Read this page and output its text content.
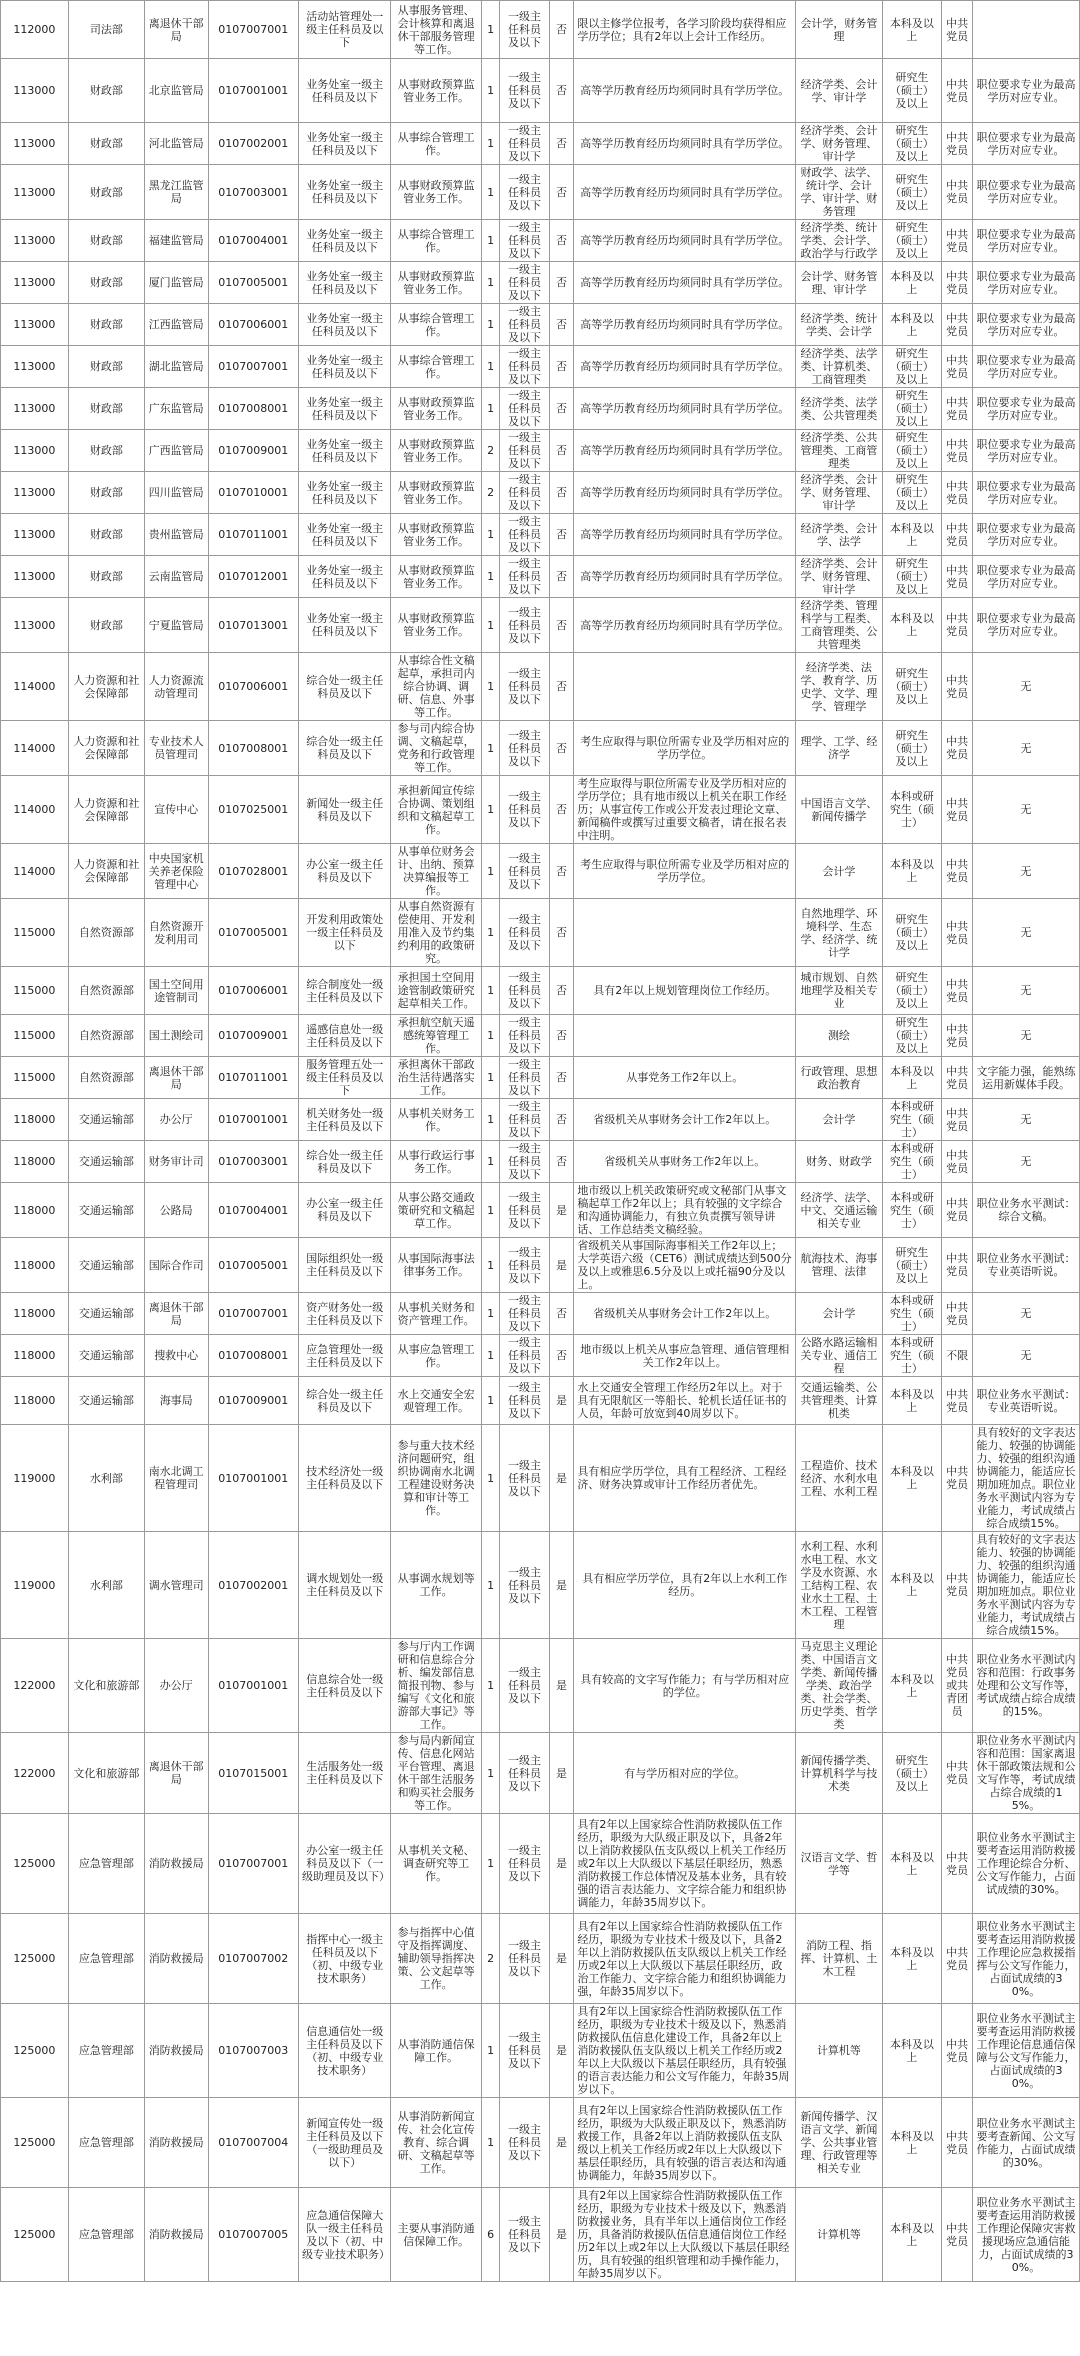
112000	司法部	离退休干部局	0107007001	活动站管理处一级主任科员及以下	从事服务管理、会计核算和离退休干部服务管理等工作。	1	一级主任科员及以下	否	限以主修学位报考，各学习阶段均获得相应学历学位；具有2年以上会计工作经历。	会计学，财务管理	本科及以上	中共党员	
113000	财政部	北京监管局	0107001001	业务处室一级主任科员及以下	从事财政预算监管业务工作。	1	一级主任科员及以下	否	高等学历教育经历均须同时具有学历学位。	经济学类、会计学、审计学	研究生（硕士）及以上	中共党员	职位要求专业为最高学历对应专业。
113000	财政部	河北监管局	0107002001	业务处室一级主任科员及以下	从事综合管理工作。	1	一级主任科员及以下	否	高等学历教育经历均须同时具有学历学位。	经济学类、会计学、财务管理、审计学	研究生（硕士）及以上	中共党员	职位要求专业为最高学历对应专业。
113000	财政部	黑龙江监管局	0107003001	业务处室一级主任科员及以下	从事财政预算监管业务工作。	1	一级主任科员及以下	否	高等学历教育经历均须同时具有学历学位。	财政学、法学、统计学、会计学、审计学、财务管理	研究生（硕士）及以上	中共党员	职位要求专业为最高学历对应专业。
113000	财政部	福建监管局	0107004001	业务处室一级主任科员及以下	从事综合管理工作。	1	一级主任科员及以下	否	高等学历教育经历均须同时具有学历学位。	经济学类、统计学类、会计学、政治学与行政学	研究生（硕士）及以上	中共党员	职位要求专业为最高学历对应专业。
113000	财政部	厦门监管局	0107005001	业务处室一级主任科员及以下	从事财政预算监管业务工作。	1	一级主任科员及以下	否	高等学历教育经历均须同时具有学历学位。	会计学、财务管理、审计学	本科及以上	中共党员	职位要求专业为最高学历对应专业。
113000	财政部	江西监管局	0107006001	业务处室一级主任科员及以下	从事综合管理工作。	1	一级主任科员及以下	否	高等学历教育经历均须同时具有学历学位。	经济学类、统计学类、会计学	本科及以上	中共党员	职位要求专业为最高学历对应专业。
113000	财政部	湖北监管局	0107007001	业务处室一级主任科员及以下	从事综合管理工作。	1	一级主任科员及以下	否	高等学历教育经历均须同时具有学历学位。	经济学类、法学类、计算机类、工商管理类	研究生（硕士）及以上	中共党员	职位要求专业为最高学历对应专业。
113000	财政部	广东监管局	0107008001	业务处室一级主任科员及以下	从事财政预算监管业务工作。	1	一级主任科员及以下	否	高等学历教育经历均须同时具有学历学位。	经济学类、法学类、公共管理类	研究生（硕士）及以上	中共党员	职位要求专业为最高学历对应专业。
113000	财政部	广西监管局	0107009001	业务处室一级主任科员及以下	从事财政预算监管业务工作。	2	一级主任科员及以下	否	高等学历教育经历均须同时具有学历学位。	经济学类、公共管理类、工商管理类	研究生（硕士）及以上	中共党员	职位要求专业为最高学历对应专业。
113000	财政部	四川监管局	0107010001	业务处室一级主任科员及以下	从事财政预算监管业务工作。	2	一级主任科员及以下	否	高等学历教育经历均须同时具有学历学位。	经济学类、会计学、财务管理、审计学	研究生（硕士）及以上	中共党员	职位要求专业为最高学历对应专业。
113000	财政部	贵州监管局	0107011001	业务处室一级主任科员及以下	从事财政预算监管业务工作。	1	一级主任科员及以下	否	高等学历教育经历均须同时具有学历学位。	经济学类、会计学、法学	本科及以上	中共党员	职位要求专业为最高学历对应专业。
113000	财政部	云南监管局	0107012001	业务处室一级主任科员及以下	从事财政预算监管业务工作。	1	一级主任科员及以下	否	高等学历教育经历均须同时具有学历学位。	经济学类、会计学、财务管理、审计学	研究生（硕士）及以上	中共党员	职位要求专业为最高学历对应专业。
113000	财政部	宁夏监管局	0107013001	业务处室一级主任科员及以下	从事财政预算监管业务工作。	1	一级主任科员及以下	否	高等学历教育经历均须同时具有学历学位。	经济学类、管理科学与工程类、工商管理类、公共管理类	本科及以上	中共党员	职位要求专业为最高学历对应专业。
114000	人力资源和社会保障部	人力资源流动管理司	0107006001	综合处一级主任科员及以下	从事综合性文稿起草，承担司内综合协调、调研、信息、外事等工作。	1	一级主任科员及以下	否		经济学类、法学、教育学、历史学、文学、理学、管理学	研究生（硕士）及以上	中共党员	无
114000	人力资源和社会保障部	专业技术人员管理司	0107008001	综合处一级主任科员及以下	参与司内综合协调、文稿起草，党务和行政管理等工作。	1	一级主任科员及以下	否	考生应取得与职位所需专业及学历相对应的学历学位。	理学、工学、经济学	研究生（硕士）及以上	中共党员	无
114000	人力资源和社会保障部	宣传中心	0107025001	新闻处一级主任科员及以下	承担新闻宣传综合协调、策划组织和文稿起草工作。	1	一级主任科员及以下	否	考生应取得与职位所需专业及学历相对应的学历学位；具有地市级以上机关在职工作经历；从事宣传工作或公开发表过理论文章、新闻稿件或撰写过重要文稿者，请在报名表中注明。	中国语言文学、新闻传播学	本科或研究生（硕士）	中共党员	无
114000	人力资源和社会保障部	中央国家机关养老保险管理中心	0107028001	办公室一级主任科员及以下	从事单位财务会计、出纳、预算决算编报等工作。	1	一级主任科员及以下	否	考生应取得与职位所需专业及学历相对应的学历学位。	会计学	本科及以上	中共党员	无
115000	自然资源部	自然资源开发利用司	0107005001	开发利用政策处一级主任科员及以下	从事自然资源有偿使用、开发利用准入及节约集约利用的政策研究。	1	一级主任科员及以下	否		自然地理学、环境科学、生态学、经济学、统计学	研究生（硕士）及以上	中共党员	无
115000	自然资源部	国土空间用途管制司	0107006001	综合制度处一级主任科员及以下	承担国土空间用途管制政策研究起草相关工作。	1	一级主任科员及以下	否	具有2年以上规划管理岗位工作经历。	城市规划、自然地理学及相关专业	研究生（硕士）及以上	中共党员	无
115000	自然资源部	国土测绘司	0107009001	遥感信息处一级主任科员及以下	承担航空航天遥感统筹管理工作。	1	一级主任科员及以下	否		测绘	研究生（硕士）及以上	中共党员	无
115000	自然资源部	离退休干部局	0107011001	服务管理五处一级主任科员及以下	承担离休干部政治生活待遇落实工作。	1	一级主任科员及以下	否	从事党务工作2年以上。	行政管理、思想政治教育	本科及以上	中共党员	文字能力强，能熟练运用新媒体手段。
118000	交通运输部	办公厅	0107001001	机关财务处一级主任科员及以下	从事机关财务工作。	1	一级主任科员及以下	否	省级机关从事财务会计工作2年以上。	会计学	本科或研究生（硕士）	中共党员	无
118000	交通运输部	财务审计司	0107003001	综合处一级主任科员及以下	从事行政运行事务工作。	1	一级主任科员及以下	否	省级机关从事财务工作2年以上。	财务、财政学	本科或研究生（硕士）	中共党员	无
118000	交通运输部	公路局	0107004001	办公室一级主任科员及以下	从事公路交通政策研究和文稿起草工作。	1	一级主任科员及以下	是	地市级以上机关政策研究或文秘部门从事文稿起草工作2年以上；具有较强的文字综合和沟通协调能力，有独立负责撰写领导讲话、工作总结类文稿经验。	经济学、法学、中文、交通运输相关专业	本科或研究生（硕士）	中共党员	职位业务水平测试：综合文稿。
118000	交通运输部	国际合作司	0107005001	国际组织处一级主任科员及以下	从事国际海事法律事务工作。	1	一级主任科员及以下	是	省级机关从事国际海事相关工作2年以上；大学英语六级（CET6）测试成绩达到500分及以上或雅思6.5分及以上或托福90分及以上。	航海技术、海事管理、法律	研究生（硕士）及以上	中共党员	职位业务水平测试：专业英语听说。
118000	交通运输部	离退休干部局	0107007001	资产财务处一级主任科员及以下	从事机关财务和资产管理工作。	1	一级主任科员及以下	否	省级机关从事财务会计工作2年以上。	会计学	本科或研究生（硕士）	中共党员	无
118000	交通运输部	搜救中心	0107008001	应急管理处一级主任科员及以下	从事应急管理工作。	1	一级主任科员及以下	否	地市级以上机关从事应急管理、通信管理相关工作2年以上。	公路水路运输相关专业、通信工程	本科或研究生（硕士）	不限	无
118000	交通运输部	海事局	0107009001	综合处一级主任科员及以下	水上交通安全宏观管理工作。	1	一级主任科员及以下	是	水上交通安全管理工作经历2年以上。对于具有无限航区一等船长、轮机长适任证书的人员，年龄可放宽到40周岁以下。	交通运输类、公共管理类、计算机类	本科及以上	中共党员	职位业务水平测试：专业英语听说。
119000	水利部	南水北调工程管理司	0107001001	技术经济处一级主任科员及以下	参与重大技术经济问题研究，组织协调南水北调工程建设财务决算和审计等工作。	1	一级主任科员及以下	是	具有相应学历学位，具有工程经济、工程经济、财务决算或审计工作经历者优先。	工程造价、技术经济、水利水电工程、水利工程	本科及以上	中共党员	具有较好的文字表达能力、较强的协调能力、较强的组织沟通协调能力，能适应长期加班加点。职位业务水平测试内容为专业能力，考试成绩占综合成绩15%。
119000	水利部	调水管理司	0107002001	调水规划处一级主任科员及以下	从事调水规划等工作。	1	一级主任科员及以下	是	具有相应学历学位，具有2年以上水利工作经历。	水利工程、水利水电工程、水文学及水资源、水工结构工程、农业水土工程、土木工程、工程管理	本科及以上	中共党员	具有较好的文字表达能力、较强的协调能力、较强的组织沟通协调能力，能适应长期加班加点。职位业务水平测试内容为专业能力，考试成绩占综合成绩15%。
122000	文化和旅游部	办公厅	0107001001	信息综合处一级主任科员及以下	参与厅内工作调研和信息综合分析、编发部信息简报刊物、参与编写《文化和旅游部大事记》等工作。	1	一级主任科员及以下	是	具有较高的文字写作能力；有与学历相对应的学位。	马克思主义理论类、中国语言文学类、新闻传播学类、政治学类、社会学类、历史学类、哲学类	本科及以上	中共党员或共青团员	职位业务水平测试内容和范围：行政事务处理和公文写作等，考试成绩占综合成绩的15%。
122000	文化和旅游部	离退休干部局	0107015001	生活服务处一级主任科员及以下	参与局内新闻宣传、信息化网站平台管理、离退休干部生活服务和购买社会服务等工作。	1	一级主任科员及以下	是	有与学历相对应的学位。	新闻传播学类、计算机科学与技术类	研究生（硕士）及以上	中共党员	职位业务水平测试内容和范围：国家离退休干部政策法规和公文写作等，考试成绩占综合成绩的15%。
125000	应急管理部	消防救援局	0107007001	办公室一级主任科员及以下（一级助理员及以下）	从事机关文秘、调查研究等工作。	1	一级主任科员及以下	是	具有2年以上国家综合性消防救援队伍工作经历，职级为大队级正职及以下，具备2年以上消防救援队伍支队级以上机关工作经历或2年以上大队级以下基层任职经历，熟悉消防救援工作总体情况及基本业务，具有较强的语言表达能力、文字综合能力和组织协调能力，年龄35周岁以下。	汉语言文学、哲学等	本科及以上	中共党员	职位业务水平测试主要考查运用消防救援工作理论综合分析、公文写作能力，占面试成绩的30%。
125000	应急管理部	消防救援局	0107007002	指挥中心一级主任科员及以下（初、中级专业技术职务）	参与指挥中心值守及指挥调度、辅助领导指挥决策、公文起草等工作。	2	一级主任科员及以下	是	具有2年以上国家综合性消防救援队伍工作经历，职级为专业技术十级及以下，具备2年以上消防救援队伍支队级以上机关工作经历或2年以上大队级以下基层任职经历，政治工作能力、文字综合能力和组织协调能力强，年龄35周岁以下。	消防工程、指挥、计算机、土木工程	本科及以上	中共党员	职位业务水平测试主要考查运用消防救援工作理论应急救援指挥与公文写作能力，占面试成绩的30%。
125000	应急管理部	消防救援局	0107007003	信息通信处一级主任科员及以下（初、中级专业技术职务）	从事消防通信保障工作。	1	一级主任科员及以下	是	具有2年以上国家综合性消防救援队伍工作经历，职级为专业技术十级及以下，熟悉消防救援队伍信息化建设工作，具备2年以上消防救援队伍支队级以上机关工作经历或2年以上大队级以下基层任职经历，具有较强的语言表达能力和公文写作能力，年龄35周岁以下。	计算机等	本科及以上	中共党员	职位业务水平测试主要考查运用消防救援工作理论信息通信保障与公文写作能力，占面试成绩的30%。
125000	应急管理部	消防救援局	0107007004	新闻宣传处一级主任科员及以下（一级助理员及以下）	从事消防新闻宣传、社会化宣传教育、综合调研、文稿起草等工作。	1	一级主任科员及以下	是	具有2年以上国家综合性消防救援队伍工作经历，职级为大队级正职及以下，熟悉消防救援工作，具备2年以上消防救援队伍支队级以上机关工作经历或2年以上大队级以下基层任职经历，具有较强的语言表达和沟通协调能力，年龄35周岁以下。	新闻传播学、汉语言文学、新闻学、公共事业管理、行政管理等相关专业	本科及以上	中共党员	职位业务水平测试主要考查新闻、公文写作能力，占面试成绩的30%。
125000	应急管理部	消防救援局	0107007005	应急通信保障大队一级主任科员及以下（初、中级专业技术职务）	主要从事消防通信保障工作。	6	一级主任科员及以下	是	具有2年以上国家综合性消防救援队伍工作经历，职级为专业技术十级及以下，熟悉消防救援业务，具有半年以上通信岗位工作经历，具备消防救援队伍信息通信岗位工作经历2年以上或2年以上大队级以下基层任职经历，具有较强的组织管理和动手操作能力，年龄35周岁以下。	计算机等	本科及以上	中共党员	职位业务水平测试主要考查运用消防救援工作理论保障灾害救援现场应急通信能力，占面试成绩的30%。
